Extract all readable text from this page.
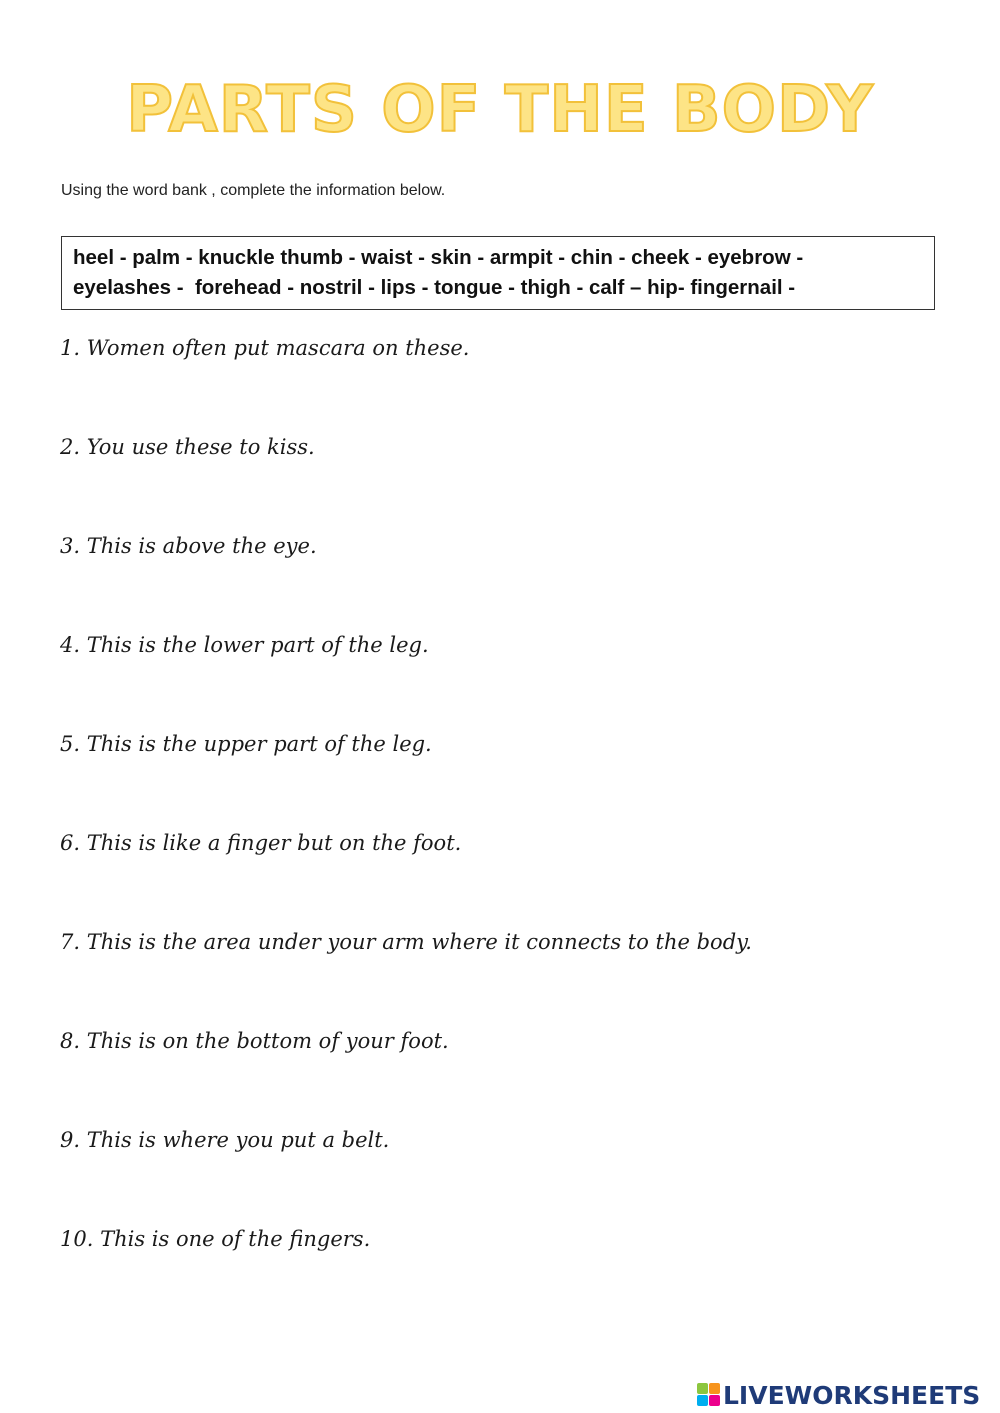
PARTS OF THE BODY
Using the word bank , complete the information below.
heel - palm - knuckle thumb - waist - skin - armpit - chin - cheek - eyebrow -
eyelashes -  forehead - nostril - lips - tongue - thigh - calf – hip- fingernail -
1. Women often put mascara on these.
2. You use these to kiss.
3. This is above the eye.
4. This is the lower part of the leg.
5. This is the upper part of the leg.
6. This is like a finger but on the foot.
7. This is the area under your arm where it connects to the body.
8. This is on the bottom of your foot.
9. This is where you put a belt.
10. This is one of the fingers.
LIVEWORKSHEETS
